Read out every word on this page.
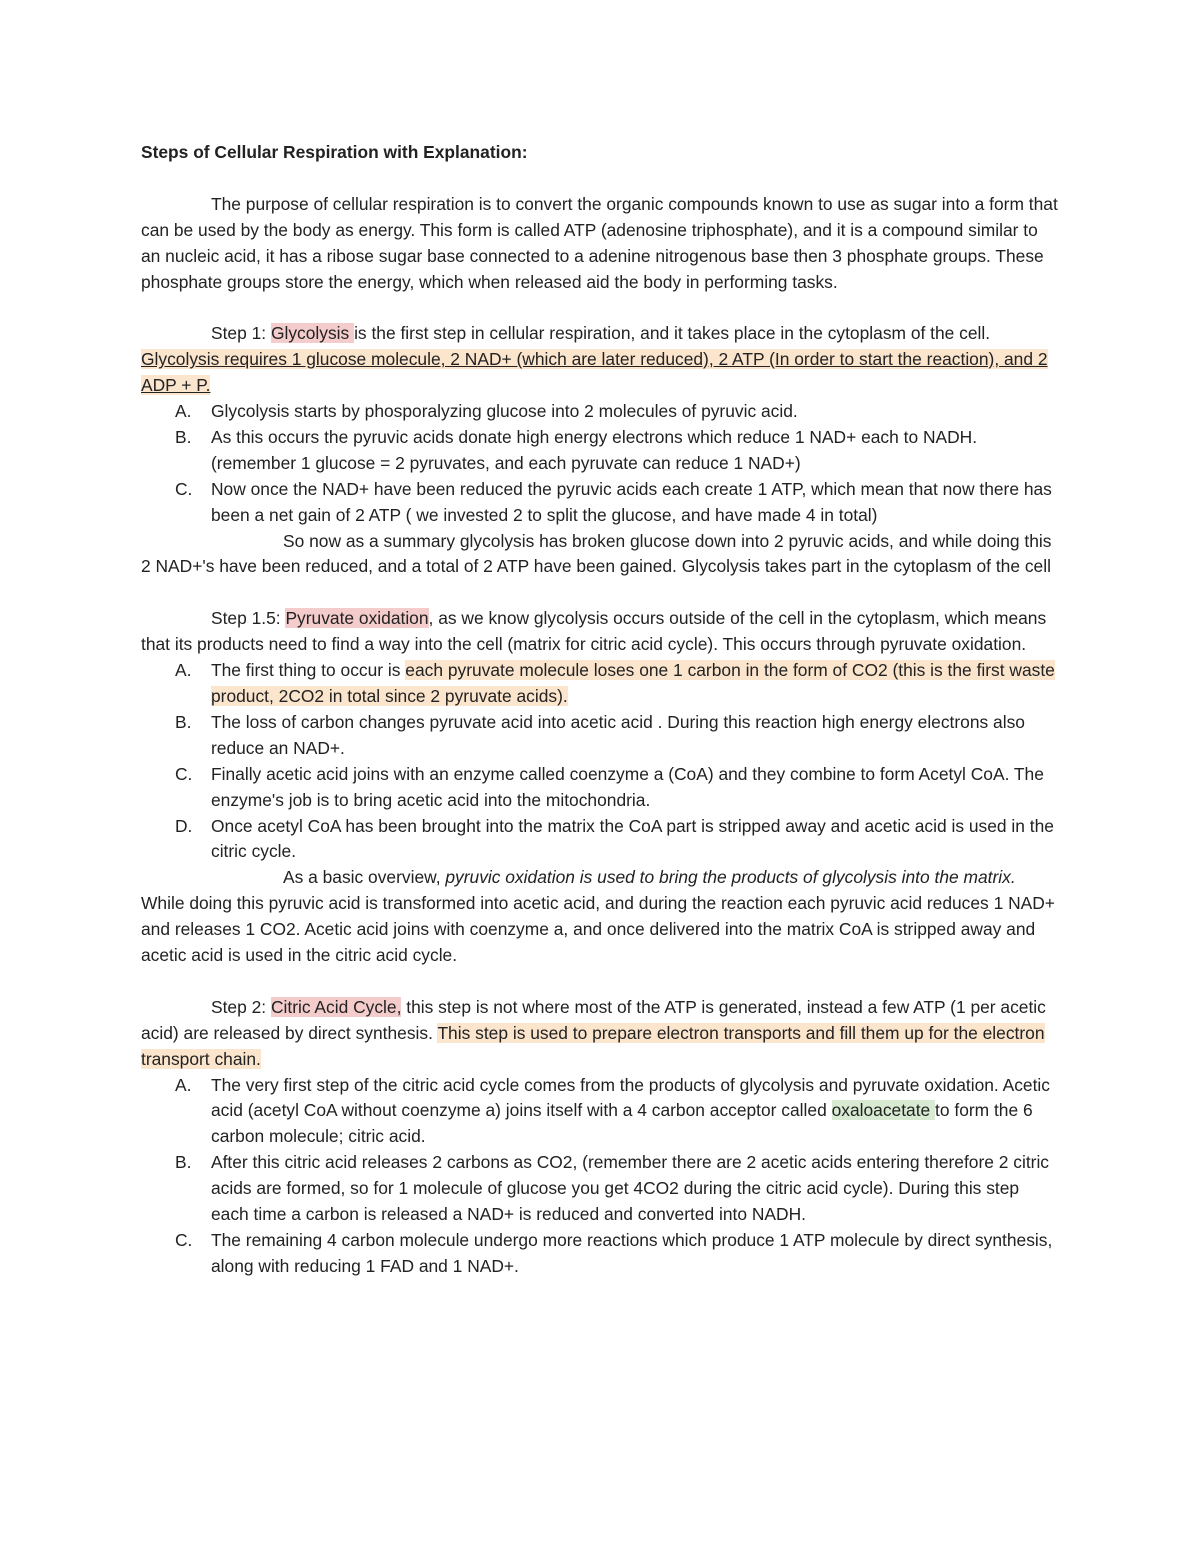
Steps of Cellular Respiration with Explanation:

The purpose of cellular respiration is to convert the organic compounds known to use as sugar into a form that can be used by the body as energy. This form is called ATP (adenosine triphosphate), and it is a compound similar to an nucleic acid, it has a ribose sugar base connected to a adenine nitrogenous base then 3 phosphate groups. These phosphate groups store the energy, which when released aid the body in performing tasks.

Step 1: Glycolysis is the first step in cellular respiration, and it takes place in the cytoplasm of the cell. Glycolysis requires 1 glucose molecule, 2 NAD+ (which are later reduced), 2 ATP (In order to start the reaction), and 2 ADP + P.

A. Glycolysis starts by phosporalyzing glucose into 2 molecules of pyruvic acid.
B. As this occurs the pyruvic acids donate high energy electrons which reduce 1 NAD+ each to NADH. (remember 1 glucose = 2 pyruvates, and each pyruvate can reduce 1 NAD+)
C. Now once the NAD+ have been reduced the pyruvic acids each create 1 ATP, which mean that now there has been a net gain of 2 ATP ( we invested 2 to split the glucose, and have made 4 in total)

So now as a summary glycolysis has broken glucose down into 2 pyruvic acids, and while doing this 2 NAD+'s have been reduced, and a total of 2 ATP have been gained. Glycolysis takes part in the cytoplasm of the cell

Step 1.5: Pyruvate oxidation, as we know glycolysis occurs outside of the cell in the cytoplasm, which means that its products need to find a way into the cell (matrix for citric acid cycle). This occurs through pyruvate oxidation.

A. The first thing to occur is each pyruvate molecule loses one 1 carbon in the form of CO2 (this is the first waste product, 2CO2 in total since 2 pyruvate acids).
B. The loss of carbon changes pyruvate acid into acetic acid . During this reaction high energy electrons also reduce an NAD+.
C. Finally acetic acid joins with an enzyme called coenzyme a (CoA) and they combine to form Acetyl CoA. The enzyme's job is to bring acetic acid into the mitochondria.
D. Once acetyl CoA has been brought into the matrix the CoA part is stripped away and acetic acid is used in the citric cycle.

As a basic overview, pyruvic oxidation is used to bring the products of glycolysis into the matrix. While doing this pyruvic acid is transformed into acetic acid, and during the reaction each pyruvic acid reduces 1 NAD+ and releases 1 CO2. Acetic acid joins with coenzyme a, and once delivered into the matrix CoA is stripped away and acetic acid is used in the citric acid cycle.

Step 2: Citric Acid Cycle, this step is not where most of the ATP is generated, instead a few ATP (1 per acetic acid) are released by direct synthesis. This step is used to prepare electron transports and fill them up for the electron transport chain.

A. The very first step of the citric acid cycle comes from the products of glycolysis and pyruvate oxidation. Acetic acid (acetyl CoA without coenzyme a) joins itself with a 4 carbon acceptor called oxaloacetate to form the 6 carbon molecule; citric acid.
B. After this citric acid releases 2 carbons as CO2, (remember there are 2 acetic acids entering therefore 2 citric acids are formed, so for 1 molecule of glucose you get 4CO2 during the citric acid cycle). During this step each time a carbon is released a NAD+ is reduced and converted into NADH.
C. The remaining 4 carbon molecule undergo more reactions which produce 1 ATP molecule by direct synthesis, along with reducing 1 FAD and 1 NAD+.
